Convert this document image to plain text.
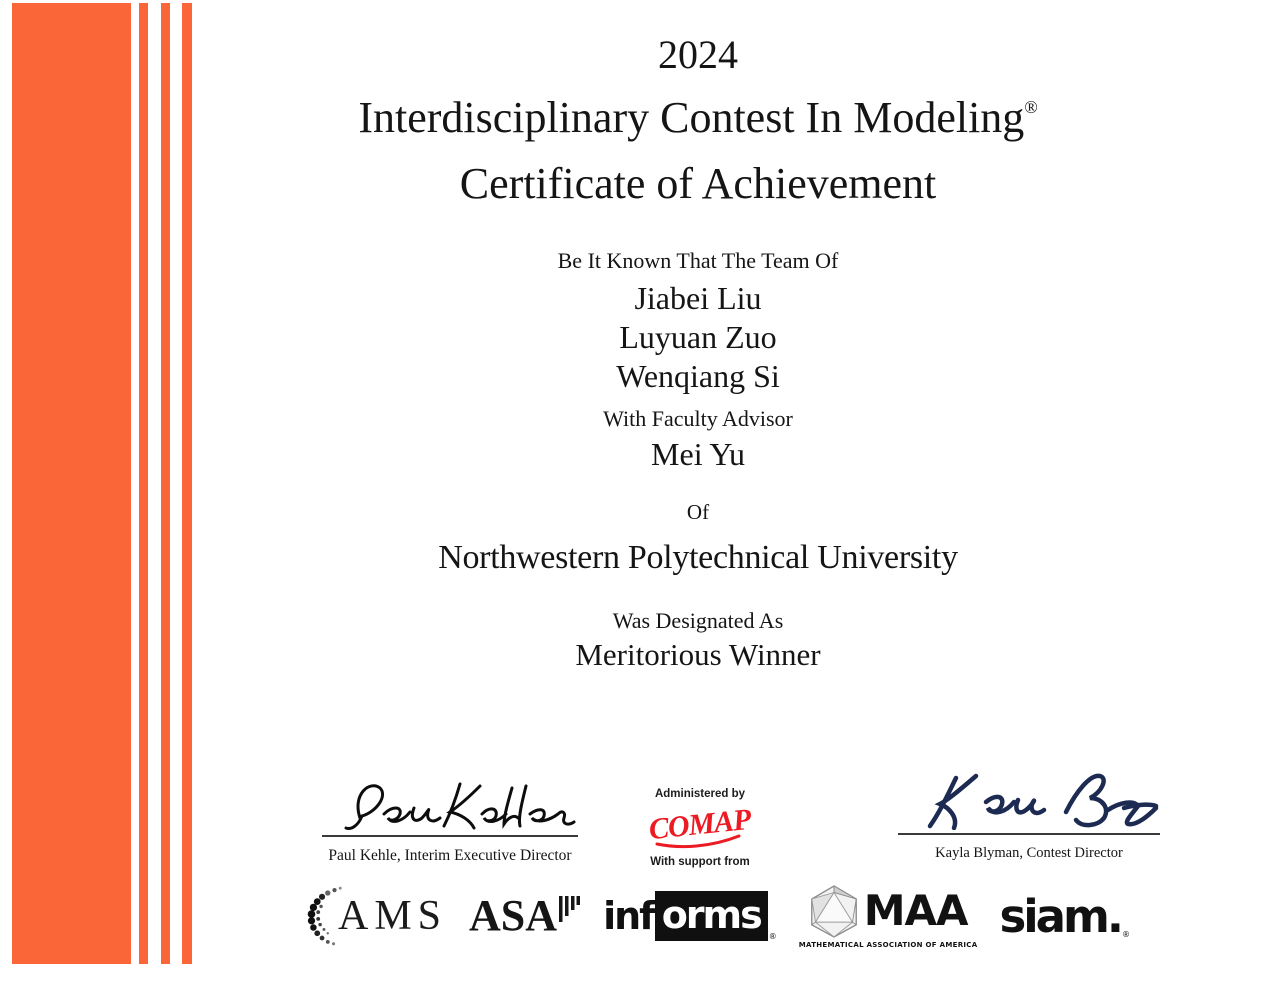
2024
Interdisciplinary Contest In Modeling®
Certificate of Achievement
Be It Known That The Team Of
Jiabei Liu
Luyuan Zuo
Wenqiang Si
With Faculty Advisor
Mei Yu
Of
Northwestern Polytechnical University
Was Designated As
Meritorious Winner
Paul Kehle, Interim Executive Director
Administered by
COMAP
With support from
Kayla Blyman, Contest Director
AMS ASA inf orms	®
MAA
MATHEMATICAL ASSOCIATION OF AMERICA
siam. ®
